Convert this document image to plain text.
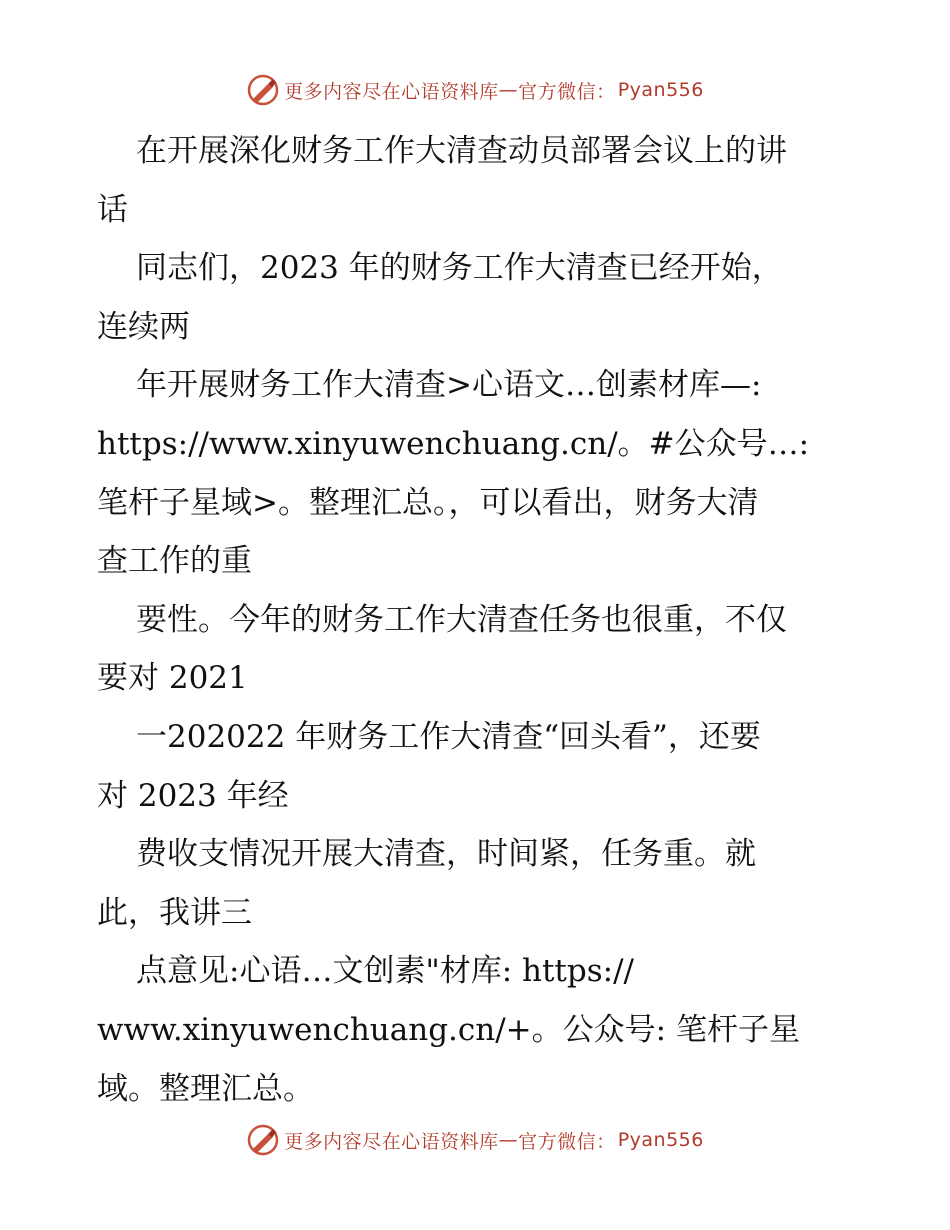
更多内容尽在心语资料库 — 官方微信： Pyan556
在开展深化财务工作大清查动员部署会议上的讲
话
同志们，2023 年的财务工作大清查已经开始，
连续两
年开展财务工作大清查>心语文…创素材库—:
https://www.xinyuwenchuang.cn/。#公众号…:
笔杆子星域>。整理汇总。，可以看出，财务大清
查工作的重
要性。今年的财务工作大清查任务也很重，不仅
要对 2021
一202022 年财务工作大清查“回头看”，还要
对 2023 年经
费收支情况开展大清查，时间紧，任务重。就
此，我讲三
点意见:心语…文创素"材库: https://
www.xinyuwenchuang.cn/+。公众号: 笔杆子星
域。整理汇总。
更多内容尽在心语资料库 — 官方微信： Pyan556
